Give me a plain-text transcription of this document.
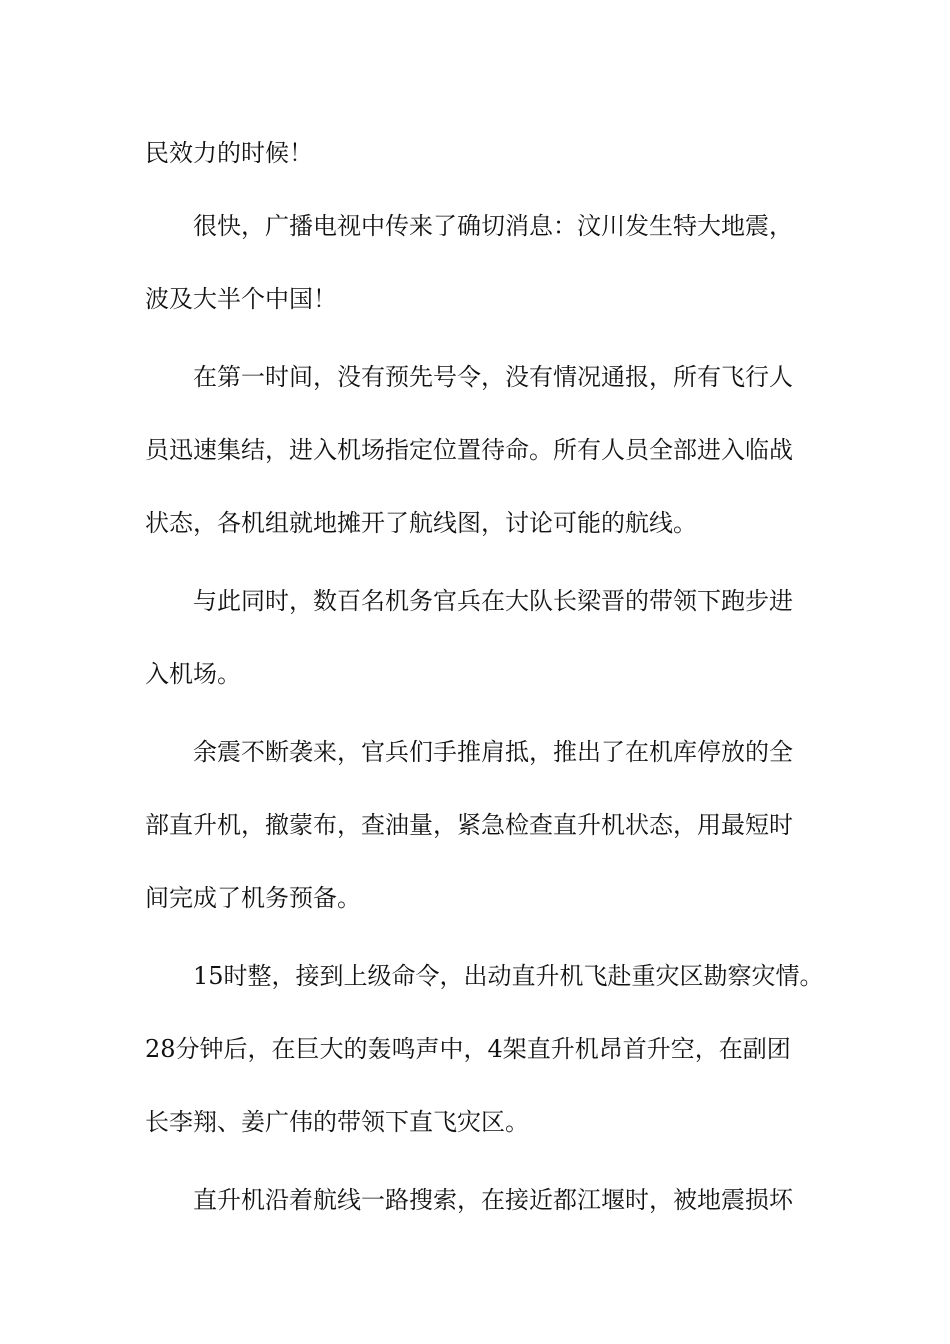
民效力的时候！

很快，广播电视中传来了确切消息：汶川发生特大地震，

波及大半个中国！

在第一时间，没有预先号令，没有情况通报，所有飞行人

员迅速集结，进入机场指定位置待命。所有人员全部进入临战

状态，各机组就地摊开了航线图，讨论可能的航线。

与此同时，数百名机务官兵在大队长梁晋的带领下跑步进

入机场。

余震不断袭来，官兵们手推肩抵，推出了在机库停放的全

部直升机，撤蒙布，查油量，紧急检查直升机状态，用最短时

间完成了机务预备。

15时整，接到上级命令，出动直升机飞赴重灾区勘察灾情。

28分钟后，在巨大的轰鸣声中，4架直升机昂首升空，在副团

长李翔、姜广伟的带领下直飞灾区。

直升机沿着航线一路搜索，在接近都江堰时，被地震损坏
